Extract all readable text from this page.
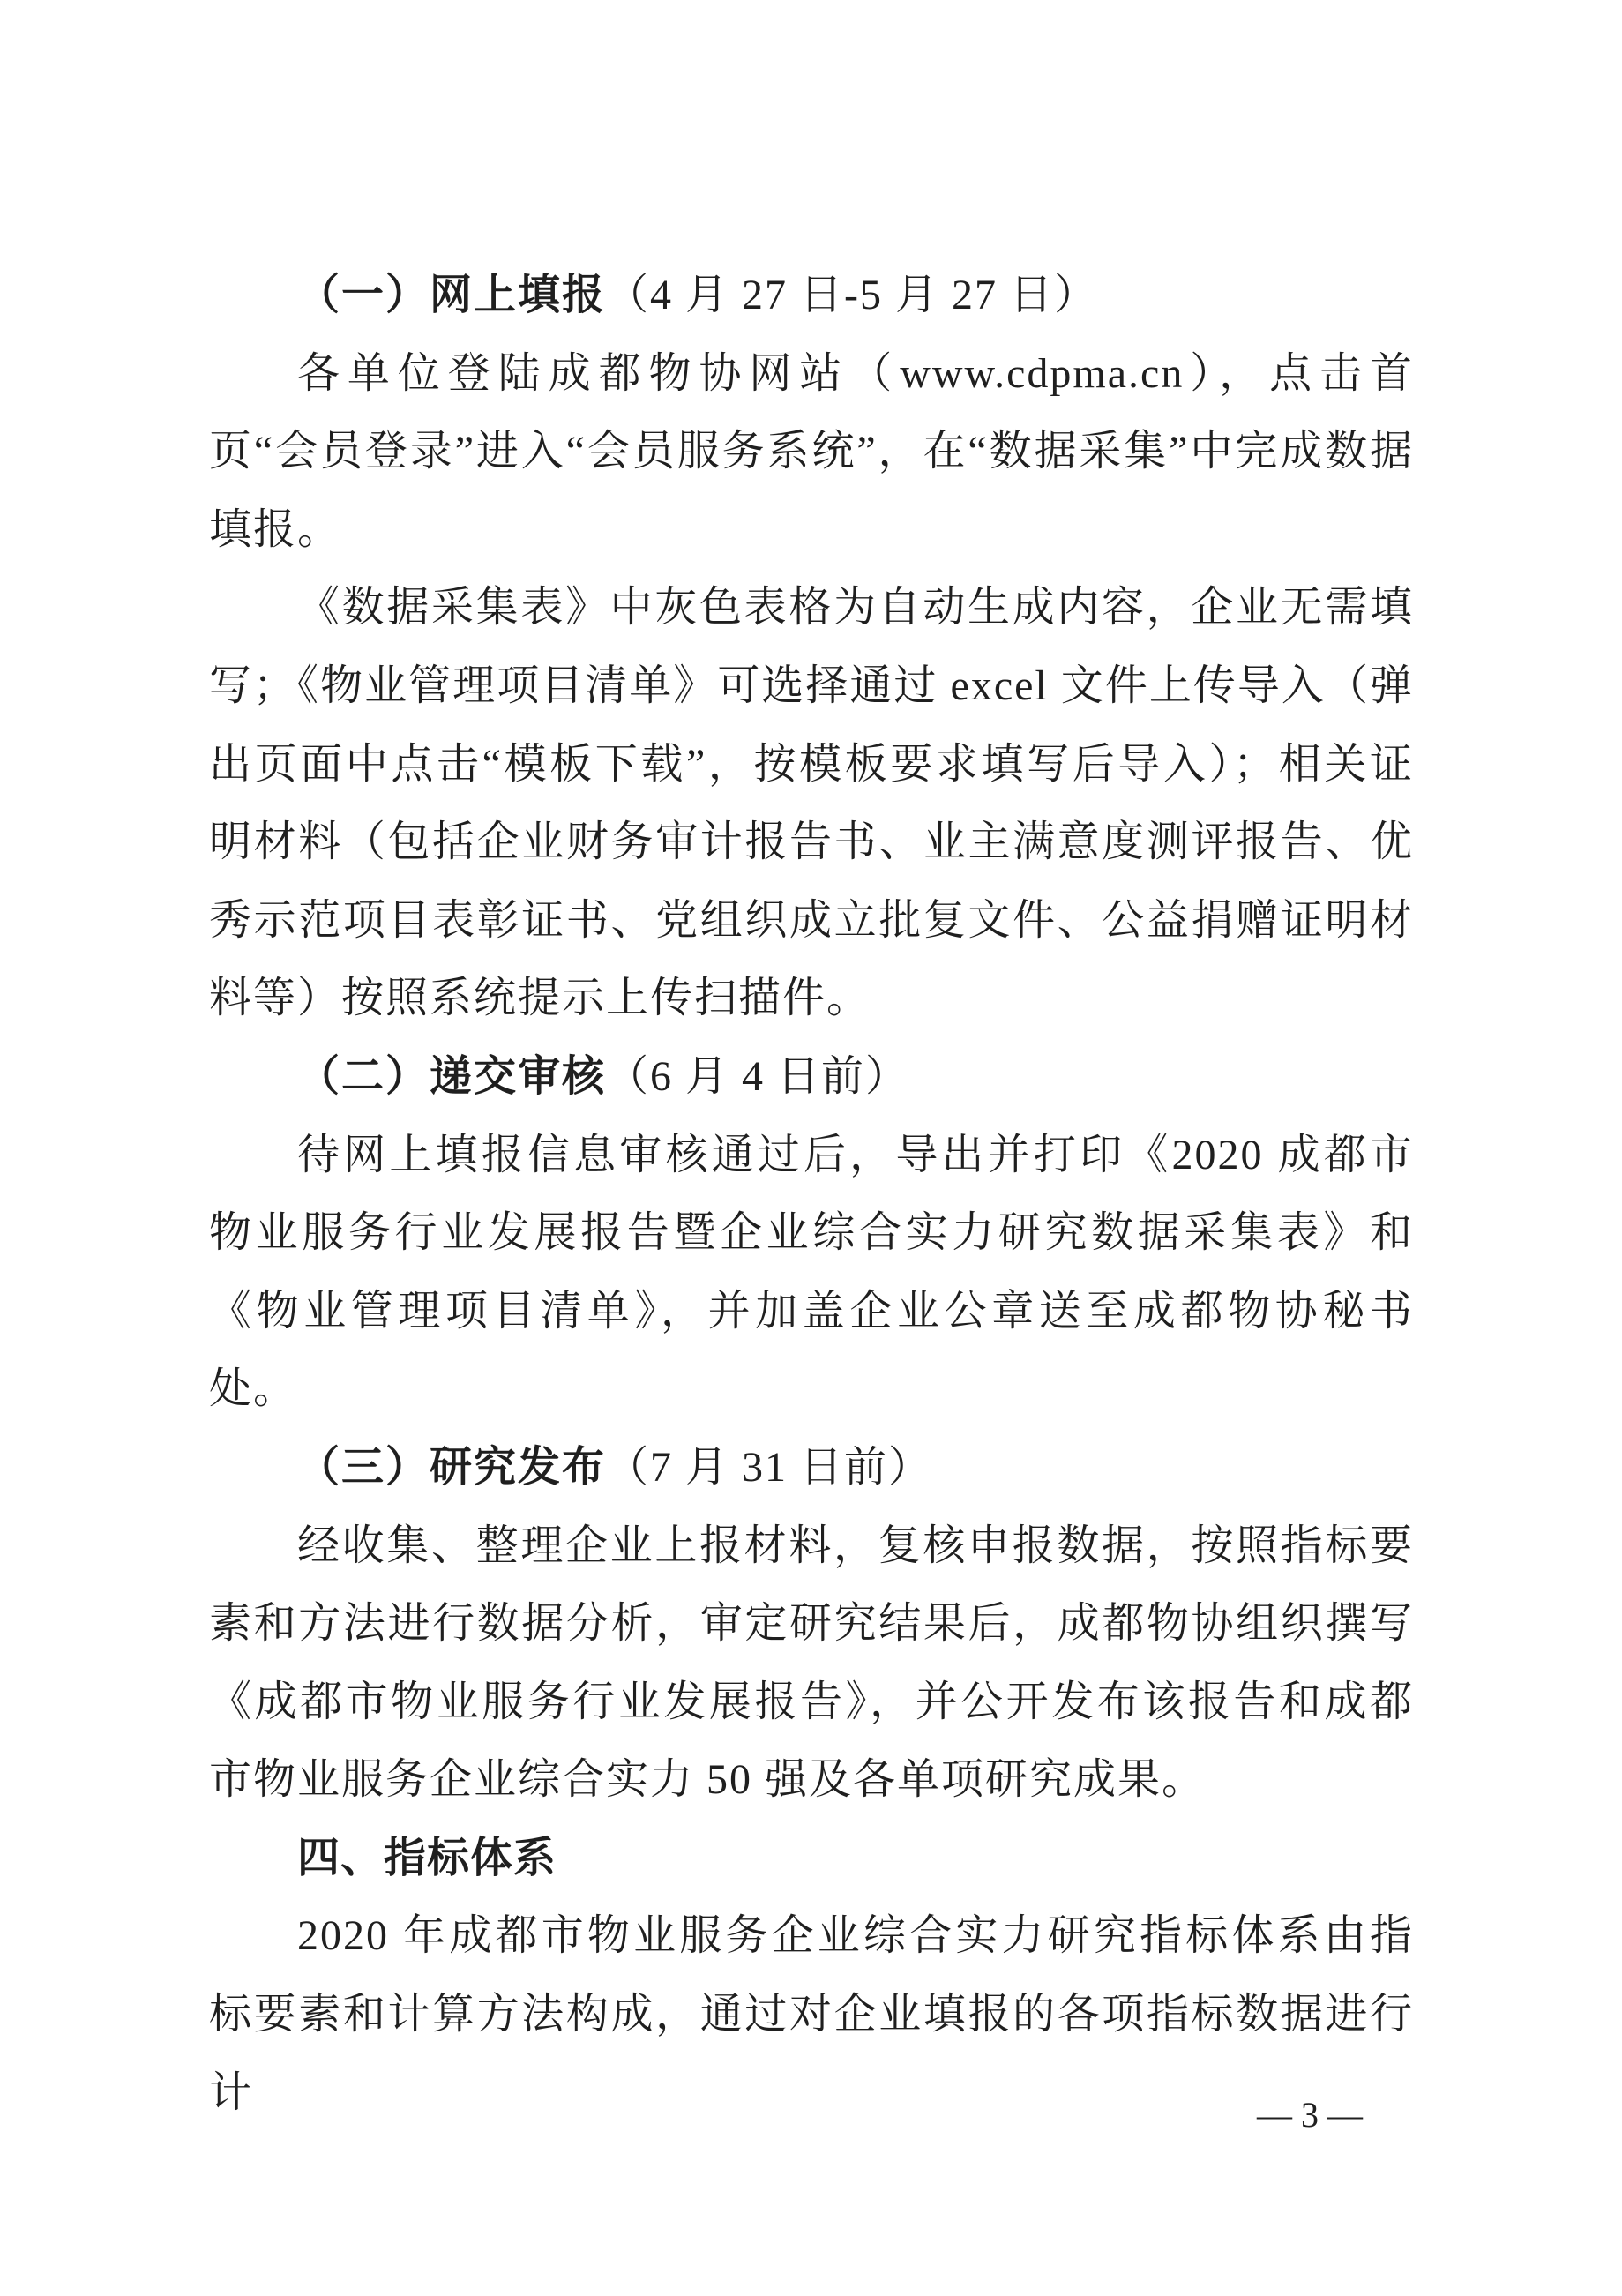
（一）网上填报（4 月 27 日-5 月 27 日）

各单位登陆成都物协网站（www.cdpma.cn），点击首页“会员登录”进入“会员服务系统”，在“数据采集”中完成数据填报。

《数据采集表》中灰色表格为自动生成内容，企业无需填写；《物业管理项目清单》可选择通过 excel 文件上传导入（弹出页面中点击“模板下载”，按模板要求填写后导入）；相关证明材料（包括企业财务审计报告书、业主满意度测评报告、优秀示范项目表彰证书、党组织成立批复文件、公益捐赠证明材料等）按照系统提示上传扫描件。

（二）递交审核（6 月 4 日前）

待网上填报信息审核通过后，导出并打印《2020 成都市物业服务行业发展报告暨企业综合实力研究数据采集表》和《物业管理项目清单》，并加盖企业公章送至成都物协秘书处。

（三）研究发布（7 月 31 日前）

经收集、整理企业上报材料，复核申报数据，按照指标要素和方法进行数据分析，审定研究结果后，成都物协组织撰写《成都市物业服务行业发展报告》，并公开发布该报告和成都市物业服务企业综合实力 50 强及各单项研究成果。

四、指标体系

2020 年成都市物业服务企业综合实力研究指标体系由指标要素和计算方法构成，通过对企业填报的各项指标数据进行计	— 3 —
